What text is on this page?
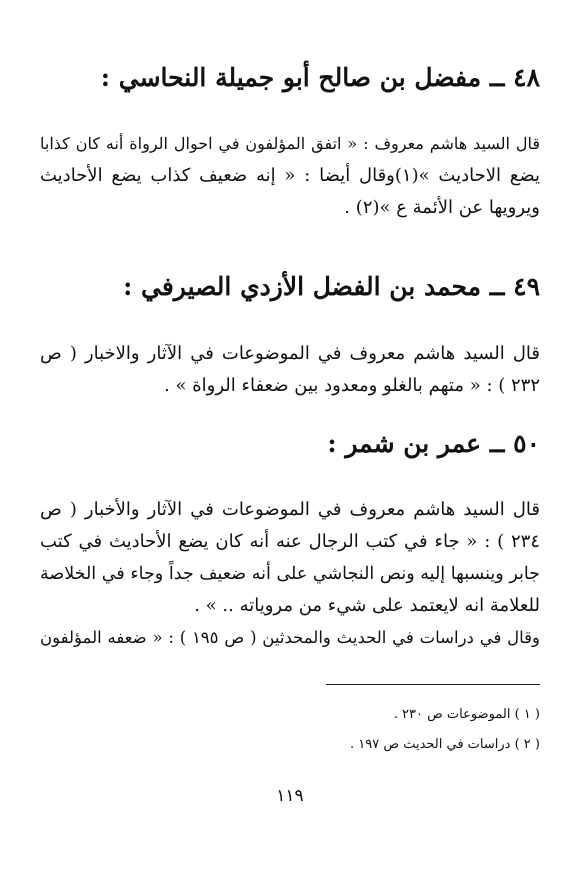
٤٨ ــ مفضل بن صالح أبو جميلة النحاسي :
قال السيد هاشم معروف : « اتفق المؤلفون في احوال الرواة أنه كان كذابا
يضع الاحاديث »(١)وقال أيضا : « إنه ضعيف كذاب يضع الأحاديث
ويرويها عن الأئمة ع »(٢) .
٤٩ ــ محمد بن الفضل الأزدي الصيرفي :
قال السيد هاشم معروف في الموضوعات في الآثار والاخبار ( ص
٢٣٢ ) : « متهم بالغلو ومعدود بين ضعفاء الرواة » .
٥٠ ــ عمر بن شمر :
قال السيد هاشم معروف في الموضوعات في الآثار والأخبار ( ص
٢٣٤ ) : « جاء في كتب الرجال عنه أنه كان يضع الأحاديث في كتب
جابر وينسبها إليه ونص النجاشي على أنه ضعيف جداً وجاء في الخلاصة
للعلامة انه لايعتمد على شيء من مروياته .. » .
وقال في دراسات في الحديث والمحدثين ( ص ١٩٥ ) : « ضعفه المؤلفون
( ١ ) الموضوعات ص ٢٣٠ .
( ٢ ) دراسات في الحديث ص ١٩٧ .
١١٩
